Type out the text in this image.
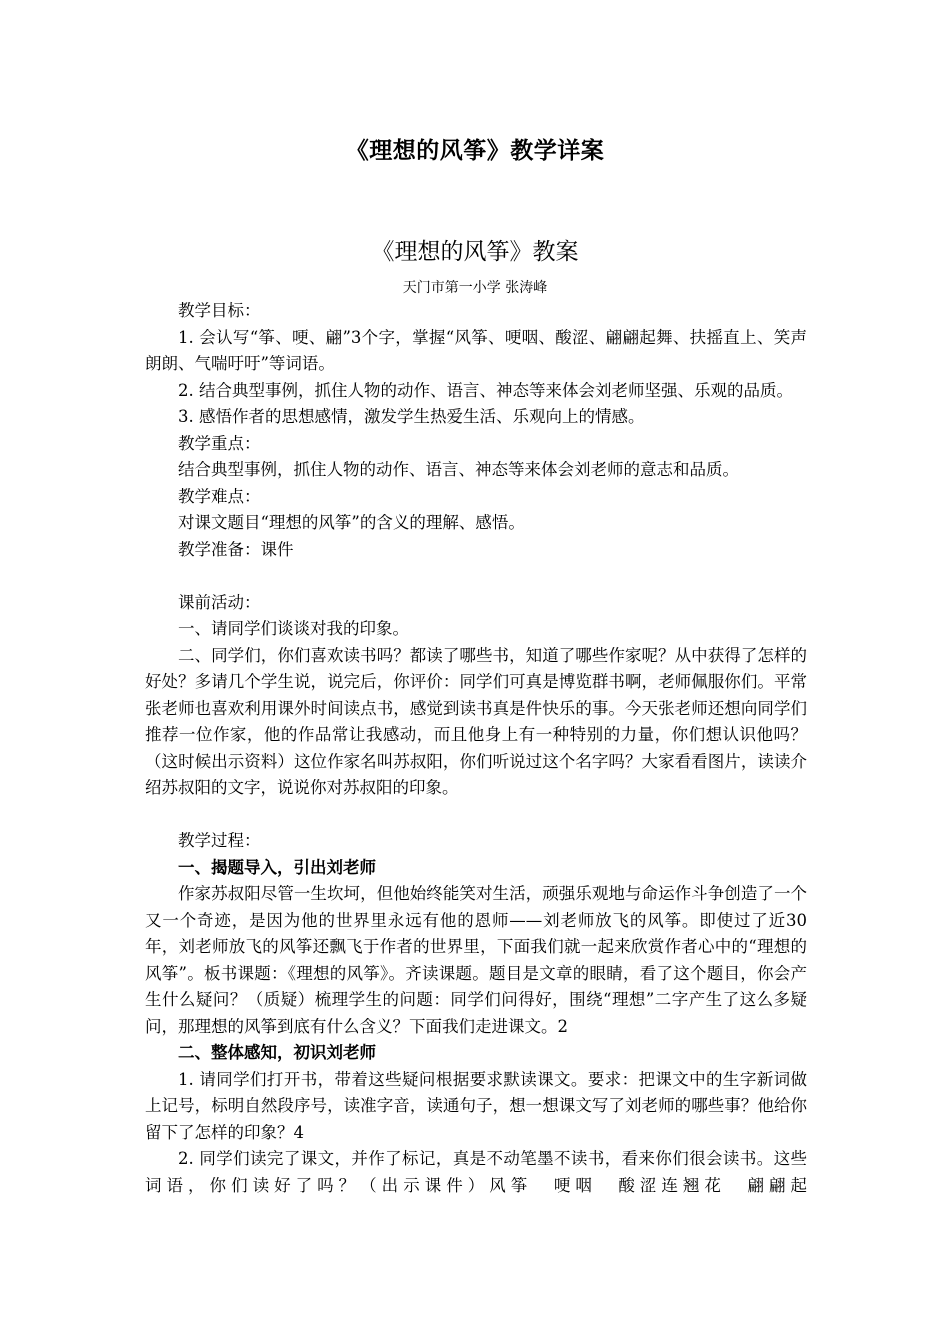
《理想的风筝》教学详案
《理想的风筝》教案
天门市第一小学 张涛峰

教学目标：

1. 会认写“筝、哽、翩”3个字，掌握“风筝、哽咽、酸涩、翩翩起舞、扶摇直上、笑声朗朗、气喘吁吁”等词语。

2. 结合典型事例，抓住人物的动作、语言、神态等来体会刘老师坚强、乐观的品质。

3. 感悟作者的思想感情，激发学生热爱生活、乐观向上的情感。

教学重点：

结合典型事例，抓住人物的动作、语言、神态等来体会刘老师的意志和品质。

教学难点：

对课文题目“理想的风筝”的含义的理解、感悟。

教学准备：课件

课前活动：

一、请同学们谈谈对我的印象。

二、同学们，你们喜欢读书吗？都读了哪些书，知道了哪些作家呢？从中获得了怎样的好处？多请几个学生说，说完后，你评价：同学们可真是博览群书啊，老师佩服你们。平常张老师也喜欢利用课外时间读点书，感觉到读书真是件快乐的事。今天张老师还想向同学们推荐一位作家，他的作品常让我感动，而且他身上有一种特别的力量，你们想认识他吗？（这时候出示资料）这位作家名叫苏叔阳，你们听说过这个名字吗？大家看看图片，读读介绍苏叔阳的文字，说说你对苏叔阳的印象。

教学过程：

一、揭题导入，引出刘老师

作家苏叔阳尽管一生坎坷，但他始终能笑对生活，顽强乐观地与命运作斗争创造了一个又一个奇迹，是因为他的世界里永远有他的恩师——刘老师放飞的风筝。即使过了近30年，刘老师放飞的风筝还飘飞于作者的世界里，下面我们就一起来欣赏作者心中的“理想的风筝”。板书课题：《理想的风筝》。齐读课题。题目是文章的眼睛，看了这个题目，你会产生什么疑问？（质疑）梳理学生的问题：同学们问得好，围绕“理想”二字产生了这么多疑问，那理想的风筝到底有什么含义？下面我们走进课文。2

二、整体感知，初识刘老师

1. 请同学们打开书，带着这些疑问根据要求默读课文。要求：把课文中的生字新词做上记号，标明自然段序号，读准字音，读通句子，想一想课文写了刘老师的哪些事？他给你留下了怎样的印象？4

2. 同学们读完了课文，并作了标记，真是不动笔墨不读书，看来你们很会读书。这些词语，你们读好了吗？（出示课件）风筝　哽咽　酸涩连翘花　翩翩起
